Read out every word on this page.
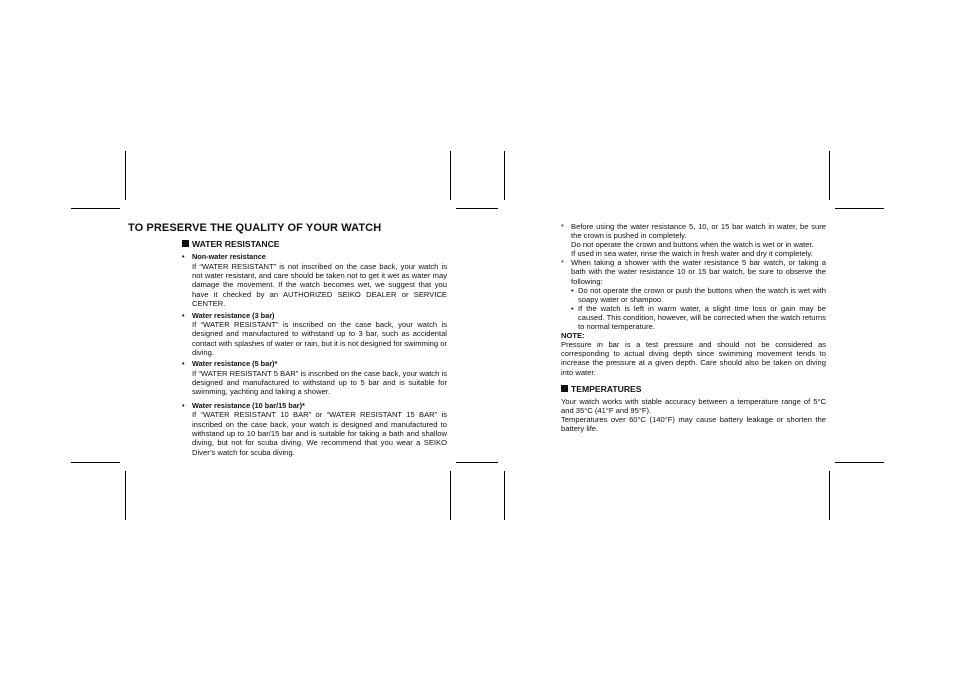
TO PRESERVE THE QUALITY OF YOUR WATCH
WATER RESISTANCE
• Non-water resistance
If “WATER RESISTANT” is not inscribed on the case back, your watch is not water resistant, and care should be taken not to get it wet as water may damage the movement. If the watch becomes wet, we suggest that you have it checked by an AUTHORIZED SEIKO DEALER or SERVICE CENTER.
• Water resistance (3 bar)
If “WATER RESISTANT” is inscribed on the case back, your watch is designed and manufactured to withstand up to 3 bar, such as accidental contact with splashes of water or rain, but it is not designed for swimming or diving.
• Water resistance (5 bar)*
If “WATER RESISTANT 5 BAR” is inscribed on the case back, your watch is designed and manufactured to withstand up to 5 bar and is suitable for swimming, yachting and taking a shower.
• Water resistance (10 bar/15 bar)*
If “WATER RESISTANT 10 BAR” or “WATER RESISTANT 15 BAR” is inscribed on the case back, your watch is designed and manufactured to withstand up to 10 bar/15 bar and is suitable for taking a bath and shallow diving, but not for scuba diving. We recommend that you wear a SEIKO Diver’s watch for scuba diving.
* Before using the water resistance 5, 10, or 15 bar watch in water, be sure the crown is pushed in completely.
Do not operate the crown and buttons when the watch is wet or in water.
If used in sea water, rinse the watch in fresh water and dry it completely.
* When taking a shower with the water resistance 5 bar watch, or taking a bath with the water resistance 10 or 15 bar watch, be sure to observe the following:
• Do not operate the crown or push the buttons when the watch is wet with soapy water or shampoo.
• If the watch is left in warm water, a slight time loss or gain may be caused. This condition, however, will be corrected when the watch returns to normal temperature.
NOTE:
Pressure in bar is a test pressure and should not be considered as corresponding to actual diving depth since swimming movement tends to increase the pressure at a given depth. Care should also be taken on diving into water.
TEMPERATURES
Your watch works with stable accuracy between a temperature range of 5°C and 35°C (41°F and 95°F).
Temperatures over 60°C (140°F) may cause battery leakage or shorten the battery life.
